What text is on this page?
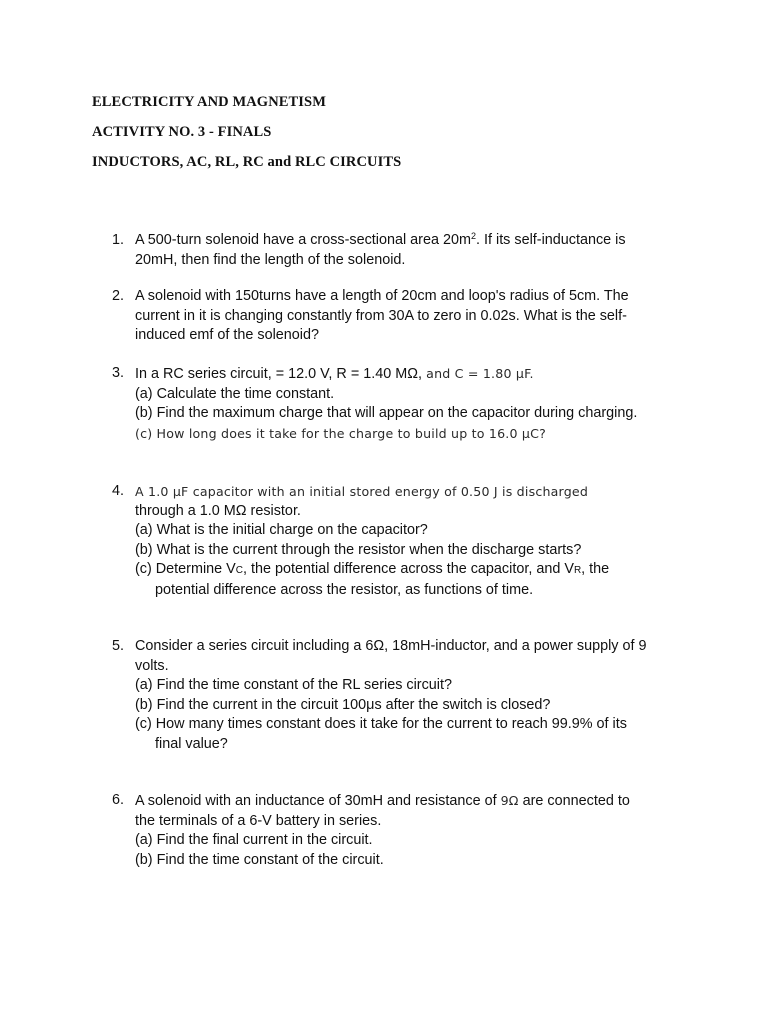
ELECTRICITY AND MAGNETISM

ACTIVITY NO. 3 - FINALS

INDUCTORS, AC, RL, RC and RLC CIRCUITS

1. A 500-turn solenoid have a cross-sectional area $20m^2$. If its self-inductance is
20mH, then find the length of the solenoid.
2. A solenoid with 150turns have a length of 20cm and loop's radius of 5cm. The
current in it is changing constantly from 30A to zero in 0.02s. What is the self-
induced emf of the solenoid?
3. In a RC series circuit, = 12.0 V, R = 1.40 MΩ, and C = 1.80 μF.
(a) Calculate the time constant.
(b) Find the maximum charge that will appear on the capacitor during charging.
(c) How long does it take for the charge to build up to 16.0 μC?
4. A 1.0 μF capacitor with an initial stored energy of 0.50 J is discharged
through a 1.0 MΩ resistor.
(a) What is the initial charge on the capacitor?
(b) What is the current through the resistor when the discharge starts?
(c) Determine VC, the potential difference across the capacitor, and VR, the
potential difference across the resistor, as functions of time.
5. Consider a series circuit including a 6Ω, 18mH-inductor, and a power supply of 9
volts.
(a) Find the time constant of the RL series circuit?
(b) Find the current in the circuit 100μs after the switch is closed?
(c) How many times constant does it take for the current to reach 99.9% of its
final value?
6. A solenoid with an inductance of 30mH and resistance of 9Ω are connected to
the terminals of a 6-V battery in series.
(a) Find the final current in the circuit.
(b) Find the time constant of the circuit.
